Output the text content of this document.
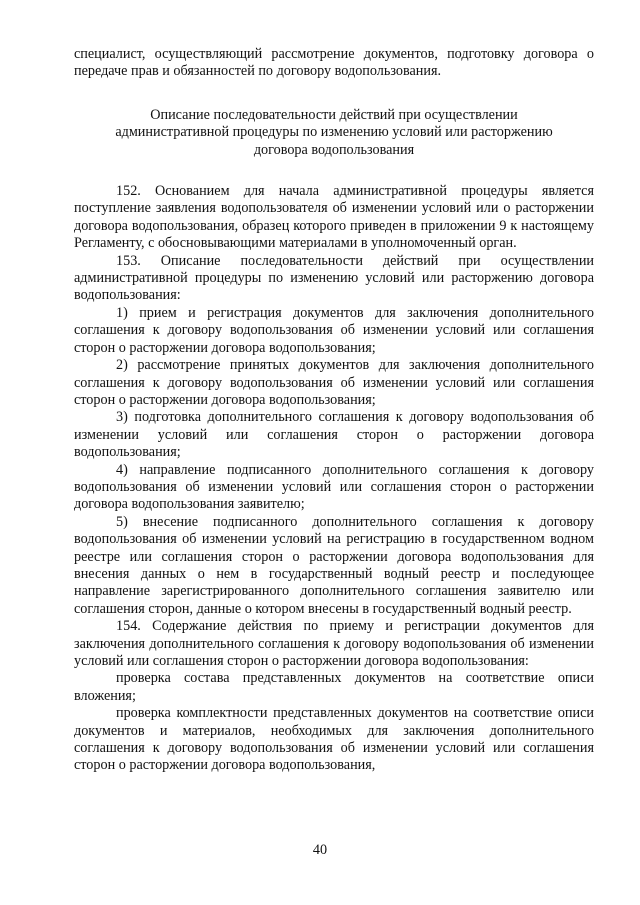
специалист, осуществляющий рассмотрение документов, подготовку договора о передаче прав и обязанностей по договору водопользования.

Описание последовательности действий при осуществлении
административной процедуры по изменению условий или расторжению
договора водопользования

152. Основанием для начала административной процедуры является поступление заявления водопользователя об изменении условий или о расторжении договора водопользования, образец которого приведен в приложении 9 к настоящему Регламенту, с обосновывающими материалами в уполномоченный орган.

153. Описание последовательности действий при осуществлении административной процедуры по изменению условий или расторжению договора водопользования:

1) прием и регистрация документов для заключения дополнительного соглашения к договору водопользования об изменении условий или соглашения сторон о расторжении договора водопользования;

2) рассмотрение принятых документов для заключения дополнительного соглашения к договору водопользования об изменении условий или соглашения сторон о расторжении договора водопользования;

3) подготовка дополнительного соглашения к договору водопользования об изменении условий или соглашения сторон о расторжении договора водопользования;

4) направление подписанного дополнительного соглашения к договору водопользования об изменении условий или соглашения сторон о расторжении договора водопользования заявителю;

5) внесение подписанного дополнительного соглашения к договору водопользования об изменении условий на регистрацию в государственном водном реестре или соглашения сторон о расторжении договора водопользования для внесения данных о нем в государственный водный реестр и последующее направление зарегистрированного дополнительного соглашения заявителю или соглашения сторон, данные о котором внесены в государственный водный реестр.

154. Содержание действия по приему и регистрации документов для заключения дополнительного соглашения к договору водопользования об изменении условий или соглашения сторон о расторжении договора водопользования:

проверка состава представленных документов на соответствие описи вложения;

проверка комплектности представленных документов на соответствие описи документов и материалов, необходимых для заключения дополнительного соглашения к договору водопользования об изменении условий или соглашения сторон о расторжении договора водопользования,

40
